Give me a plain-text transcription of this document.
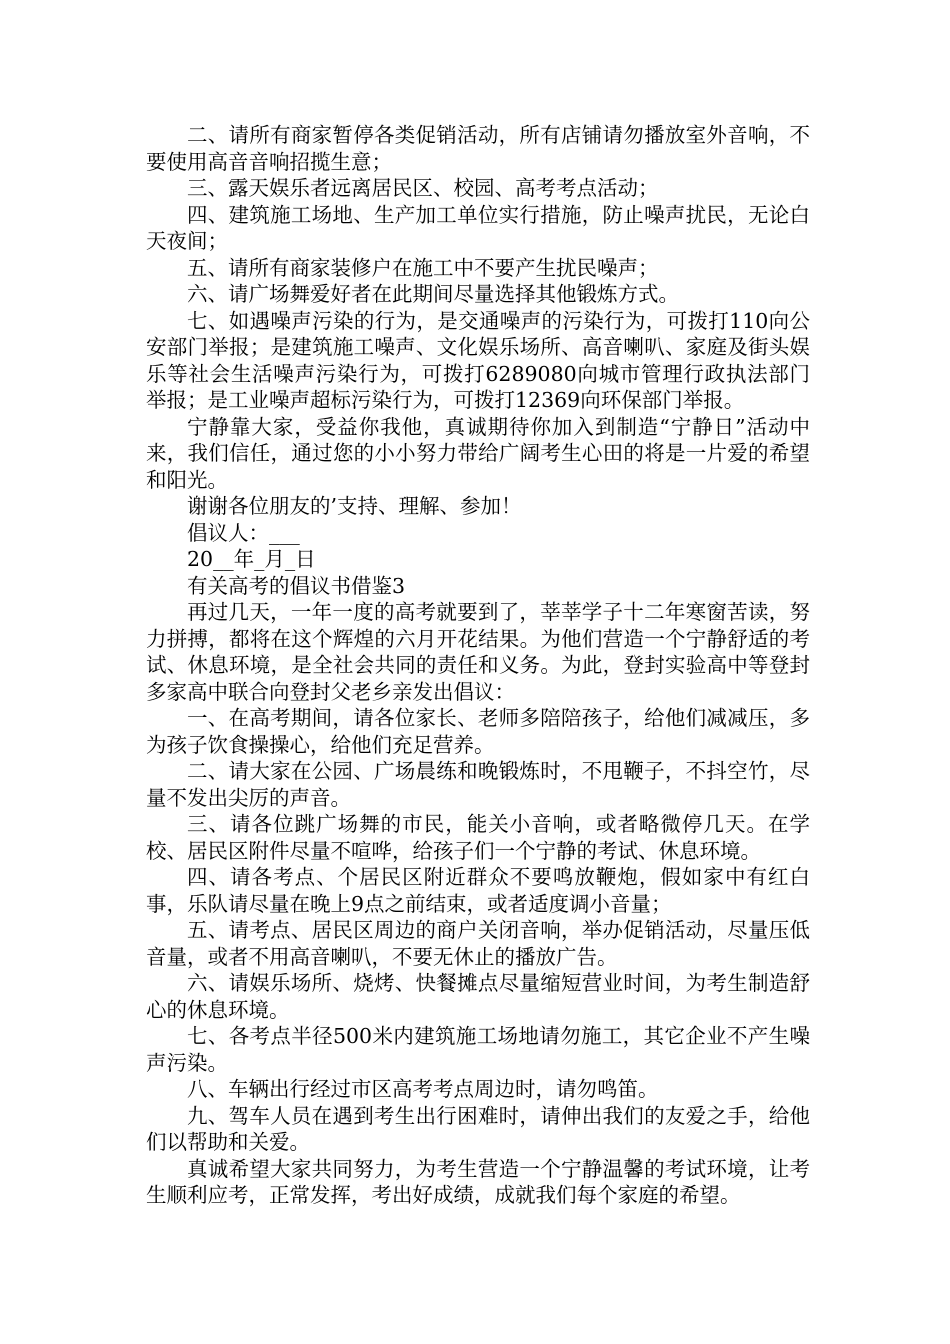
二、请所有商家暂停各类促销活动，所有店铺请勿播放室外音响，不要使用高音音响招揽生意；

三、露天娱乐者远离居民区、校园、高考考点活动；

四、建筑施工场地、生产加工单位实行措施，防止噪声扰民，无论白天夜间；

五、请所有商家装修户在施工中不要产生扰民噪声；

六、请广场舞爱好者在此期间尽量选择其他锻炼方式。

七、如遇噪声污染的行为，是交通噪声的污染行为，可拨打110向公安部门举报；是建筑施工噪声、文化娱乐场所、高音喇叭、家庭及街头娱乐等社会生活噪声污染行为，可拨打6289080向城市管理行政执法部门举报；是工业噪声超标污染行为，可拨打12369向环保部门举报。

宁静靠大家，受益你我他，真诚期待你加入到制造“宁静日”活动中来，我们信任，通过您的小小努力带给广阔考生心田的将是一片爱的希望和阳光。

谢谢各位朋友的’支持、理解、参加！

倡议人：___

20__年_月_日

有关高考的倡议书借鉴3

再过几天，一年一度的高考就要到了，莘莘学子十二年寒窗苦读，努力拼搏，都将在这个辉煌的六月开花结果。为他们营造一个宁静舒适的考试、休息环境，是全社会共同的责任和义务。为此，登封实验高中等登封多家高中联合向登封父老乡亲发出倡议：

一、在高考期间，请各位家长、老师多陪陪孩子，给他们减减压，多为孩子饮食操操心，给他们充足营养。

二、请大家在公园、广场晨练和晚锻炼时，不甩鞭子，不抖空竹，尽量不发出尖厉的声音。

三、请各位跳广场舞的市民，能关小音响，或者略微停几天。在学校、居民区附件尽量不喧哗，给孩子们一个宁静的考试、休息环境。

四、请各考点、个居民区附近群众不要鸣放鞭炮，假如家中有红白事，乐队请尽量在晚上9点之前结束，或者适度调小音量；

五、请考点、居民区周边的商户关闭音响，举办促销活动，尽量压低音量，或者不用高音喇叭，不要无休止的播放广告。

六、请娱乐场所、烧烤、快餐摊点尽量缩短营业时间，为考生制造舒心的休息环境。

七、各考点半径500米内建筑施工场地请勿施工，其它企业不产生噪声污染。

八、车辆出行经过市区高考考点周边时，请勿鸣笛。

九、驾车人员在遇到考生出行困难时，请伸出我们的友爱之手，给他们以帮助和关爱。

真诚希望大家共同努力，为考生营造一个宁静温馨的考试环境，让考生顺利应考，正常发挥，考出好成绩，成就我们每个家庭的希望。
